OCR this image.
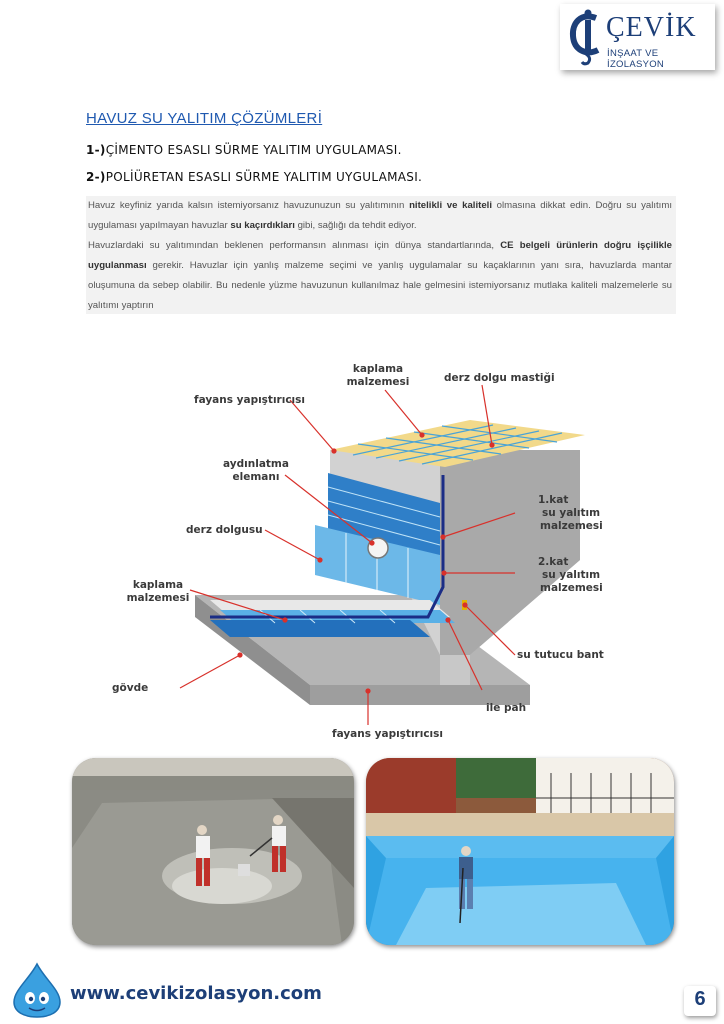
ÇEVİK
İNŞAAT VE İZOLASYON
HAVUZ SU YALITIM ÇÖZÜMLERİ
1-)ÇİMENTO ESASLI SÜRME YALITIM UYGULAMASI.
2-)POLİÜRETAN ESASLI SÜRME YALITIM UYGULAMASI.

Havuz keyfiniz yarıda kalsın istemiyorsanız havuzunuzun su yalıtımının nitelikli ve kaliteli olmasına dikkat edin. Doğru su yalıtımı uygulaması yapılmayan havuzlar su kaçırdıkları gibi, sağlığı da tehdit ediyor.

Havuzlardaki su yalıtımından beklenen performansın alınması için dünya standartlarında, CE belgeli ürünlerin doğru işçilikle uygulanması gerekir. Havuzlar için yanlış malzeme seçimi ve yanlış uygulamalar su kaçaklarının yanı sıra, havuzlarda mantar oluşumuna da sebep olabilir. Bu nedenle yüzme havuzunun kullanılmaz hale gelmesini istemiyorsanız mutlaka kaliteli malzemelerle su yalıtımı yaptırın

kaplama
malzemesi	derz dolgu mastiği
fayans yapıştırıcısı
aydınlatma
elemanı
derz dolgusu
1.kat
su yalıtım
malzemesi
2.kat
su yalıtım
malzemesi
kaplama
malzemesi
su tutucu bant
gövde
ile pah
fayans yapıştırıcısı
www.cevikizolasyon.com	6
